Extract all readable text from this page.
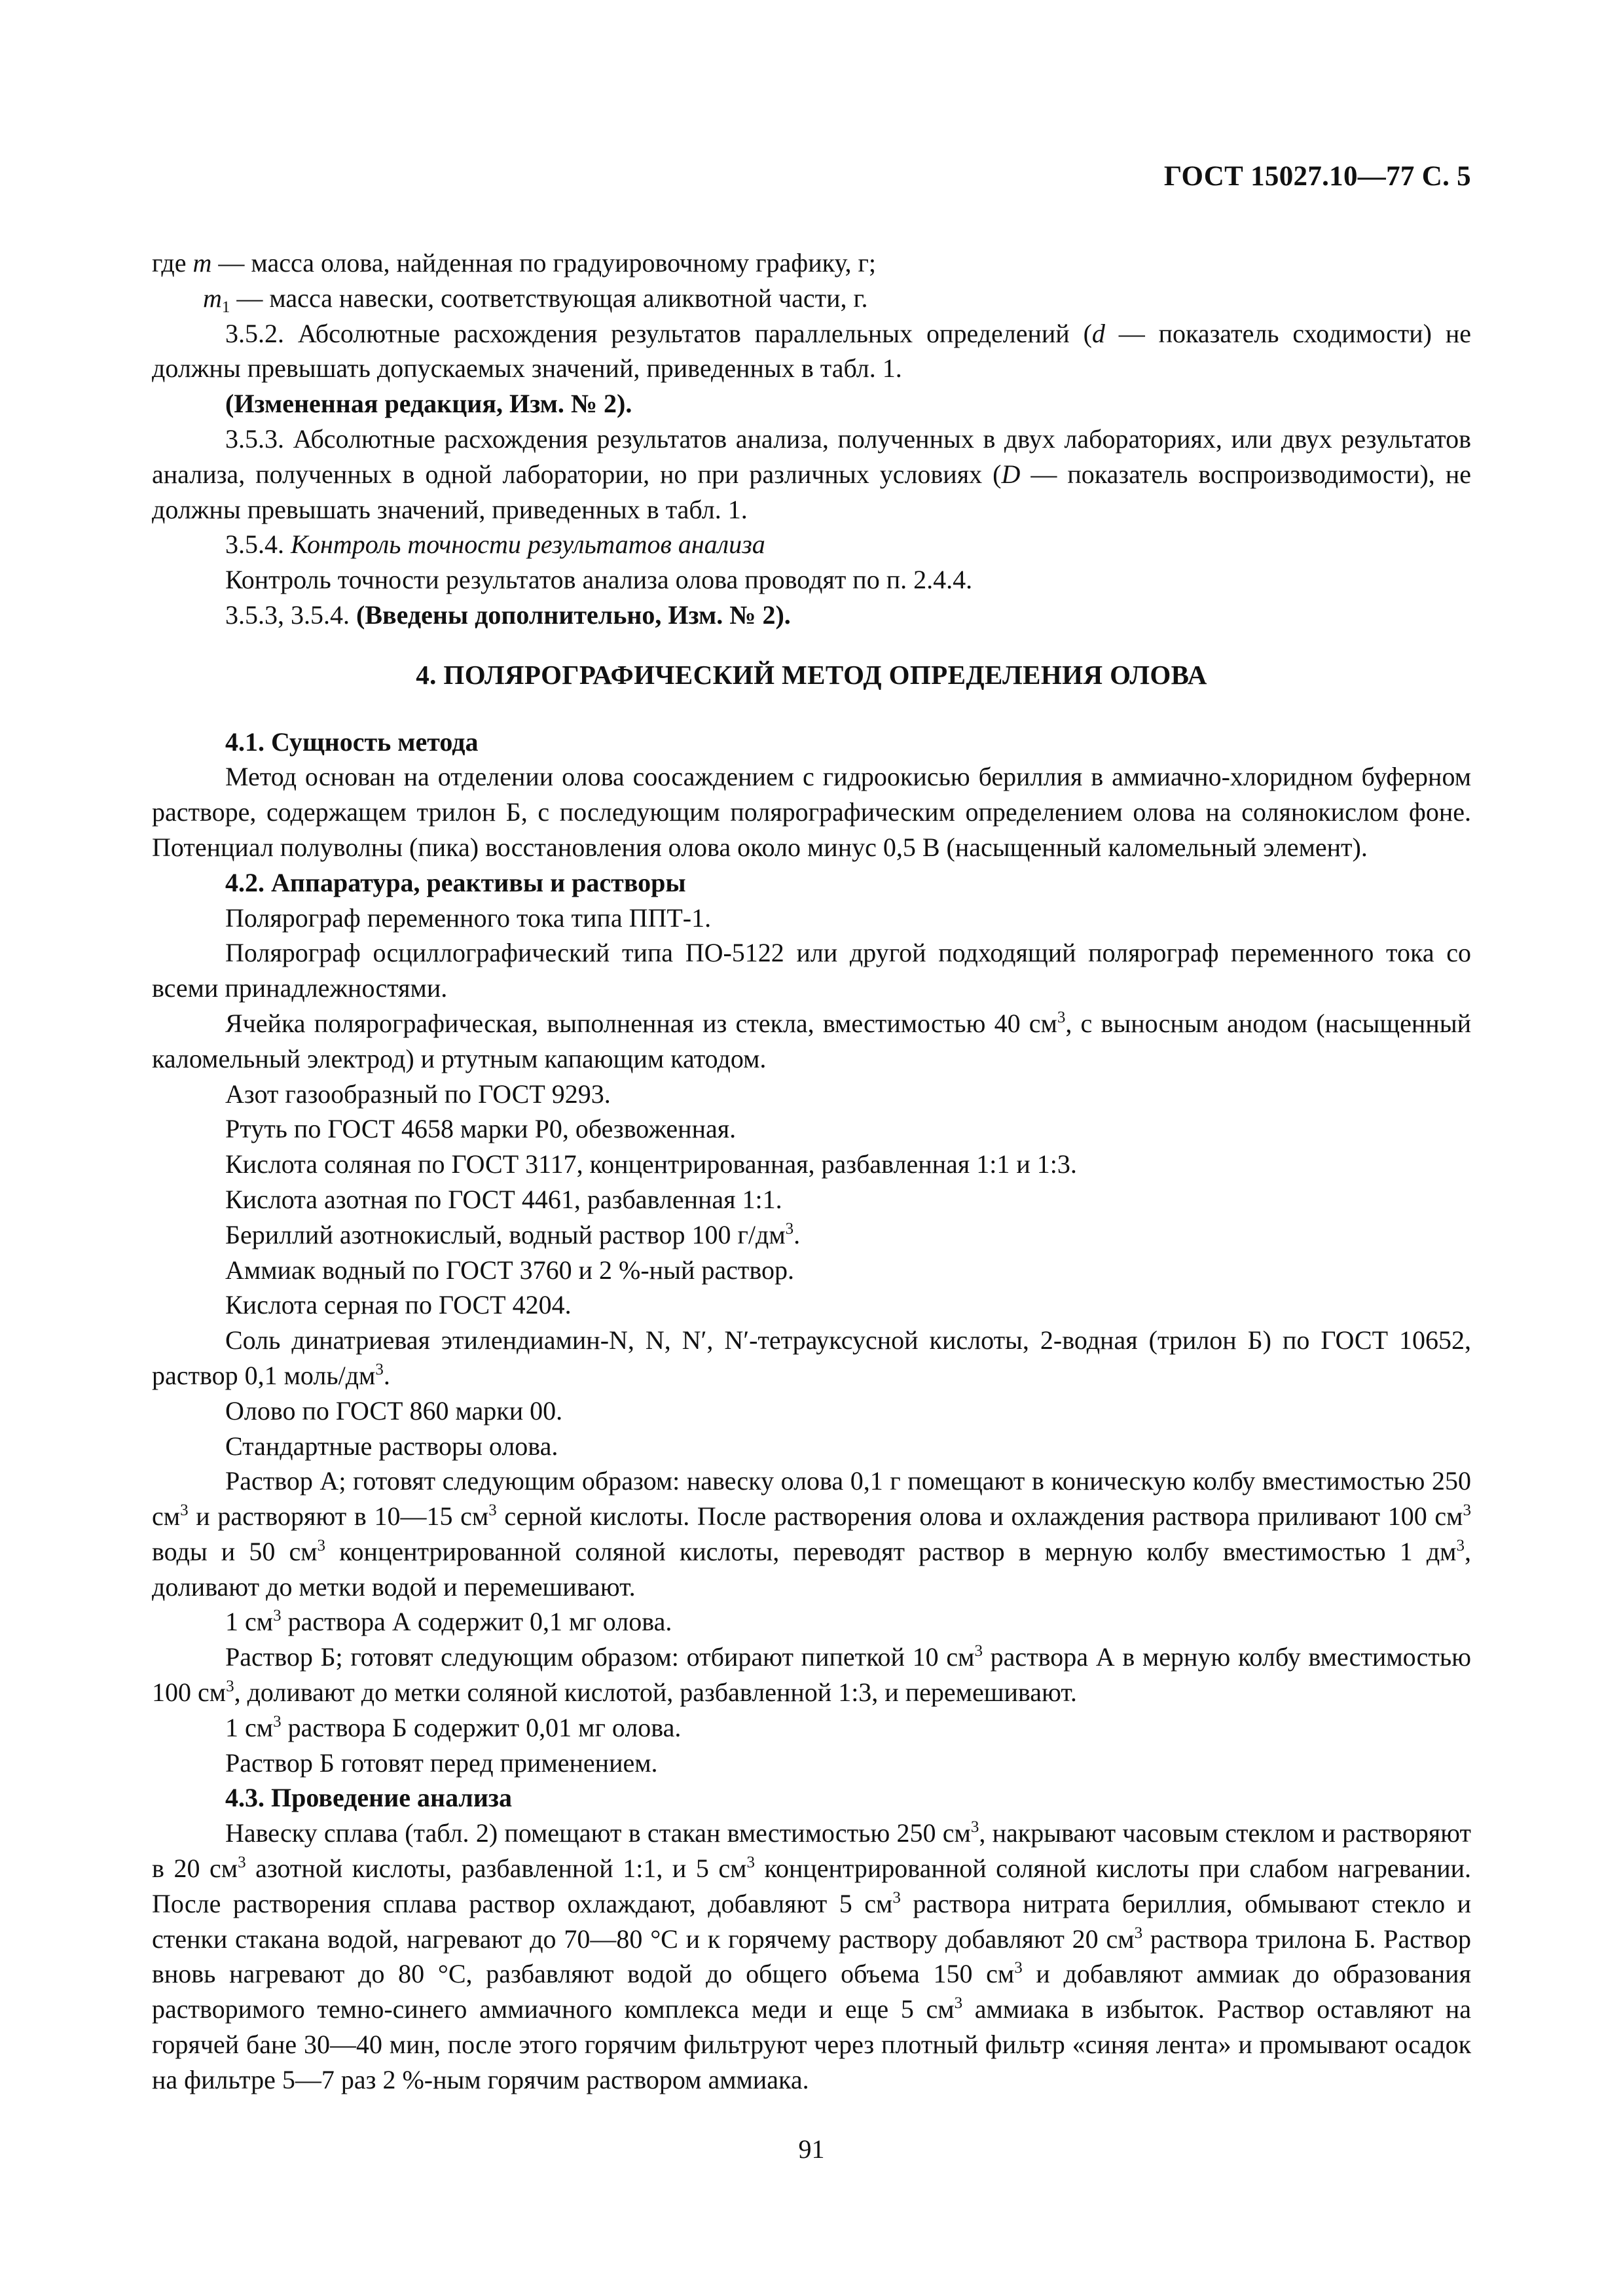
ГОСТ 15027.10—77 С. 5

где m — масса олова, найденная по градуировочному графику, г;

$m_1$ — масса навески, соответствующая аликвотной части, г.

3.5.2. Абсолютные расхождения результатов параллельных определений (d — показатель сходимости) не должны превышать допускаемых значений, приведенных в табл. 1.

(Измененная редакция, Изм. № 2).

3.5.3. Абсолютные расхождения результатов анализа, полученных в двух лабораториях, или двух результатов анализа, полученных в одной лаборатории, но при различных условиях (D — показатель воспроизводимости), не должны превышать значений, приведенных в табл. 1.

3.5.4. Контроль точности результатов анализа

Контроль точности результатов анализа олова проводят по п. 2.4.4.

3.5.3, 3.5.4. (Введены дополнительно, Изм. № 2).

4. ПОЛЯРОГРАФИЧЕСКИЙ МЕТОД ОПРЕДЕЛЕНИЯ ОЛОВА

4.1. Сущность метода

Метод основан на отделении олова соосаждением с гидроокисью бериллия в аммиачно-хлоридном буферном растворе, содержащем трилон Б, с последующим полярографическим определением олова на солянокислом фоне. Потенциал полуволны (пика) восстановления олова около минус 0,5 В (насыщенный каломельный элемент).

4.2. Аппаратура, реактивы и растворы

Полярограф переменного тока типа ППТ-1.

Полярограф осциллографический типа ПО-5122 или другой подходящий полярограф переменного тока со всеми принадлежностями.

Ячейка полярографическая, выполненная из стекла, вместимостью 40 $см^3$, с выносным анодом (насыщенный каломельный электрод) и ртутным капающим катодом.

Азот газообразный по ГОСТ 9293.

Ртуть по ГОСТ 4658 марки Р0, обезвоженная.

Кислота соляная по ГОСТ 3117, концентрированная, разбавленная 1:1 и 1:3.

Кислота азотная по ГОСТ 4461, разбавленная 1:1.

Бериллий азотнокислый, водный раствор 100 $г/дм^3$.

Аммиак водный по ГОСТ 3760 и 2 %-ный раствор.

Кислота серная по ГОСТ 4204.

Соль динатриевая этилендиамин-N, N, N′, N′-тетрауксусной кислоты, 2-водная (трилон Б) по ГОСТ 10652, раствор 0,1 моль/$дм^3$.

Олово по ГОСТ 860 марки 00.

Стандартные растворы олова.

Раствор А; готовят следующим образом: навеску олова 0,1 г помещают в коническую колбу вместимостью 250 $см^3$ и растворяют в 10—15 $см^3$ серной кислоты. После растворения олова и охлаждения раствора приливают 100 $см^3$ воды и 50 $см^3$ концентрированной соляной кислоты, переводят раствор в мерную колбу вместимостью 1 $дм^3$, доливают до метки водой и перемешивают.

1 $см^3$ раствора А содержит 0,1 мг олова.

Раствор Б; готовят следующим образом: отбирают пипеткой 10 $см^3$ раствора А в мерную колбу вместимостью 100 $см^3$, доливают до метки соляной кислотой, разбавленной 1:3, и перемешивают.

1 $см^3$ раствора Б содержит 0,01 мг олова.

Раствор Б готовят перед применением.

4.3. Проведение анализа

Навеску сплава (табл. 2) помещают в стакан вместимостью 250 $см^3$, накрывают часовым стеклом и растворяют в 20 $см^3$ азотной кислоты, разбавленной 1:1, и 5 $см^3$ концентрированной соляной кислоты при слабом нагревании. После растворения сплава раствор охлаждают, добавляют 5 $см^3$ раствора нитрата бериллия, обмывают стекло и стенки стакана водой, нагревают до 70—80 °С и к горячему раствору добавляют 20 $см^3$ раствора трилона Б. Раствор вновь нагревают до 80 °С, разбавляют водой до общего объема 150 $см^3$ и добавляют аммиак до образования растворимого темно-синего аммиачного комплекса меди и еще 5 $см^3$ аммиака в избыток. Раствор оставляют на горячей бане 30—40 мин, после этого горячим фильтруют через плотный фильтр «синяя лента» и промывают осадок на фильтре 5—7 раз 2 %-ным горячим раствором аммиака.

91
